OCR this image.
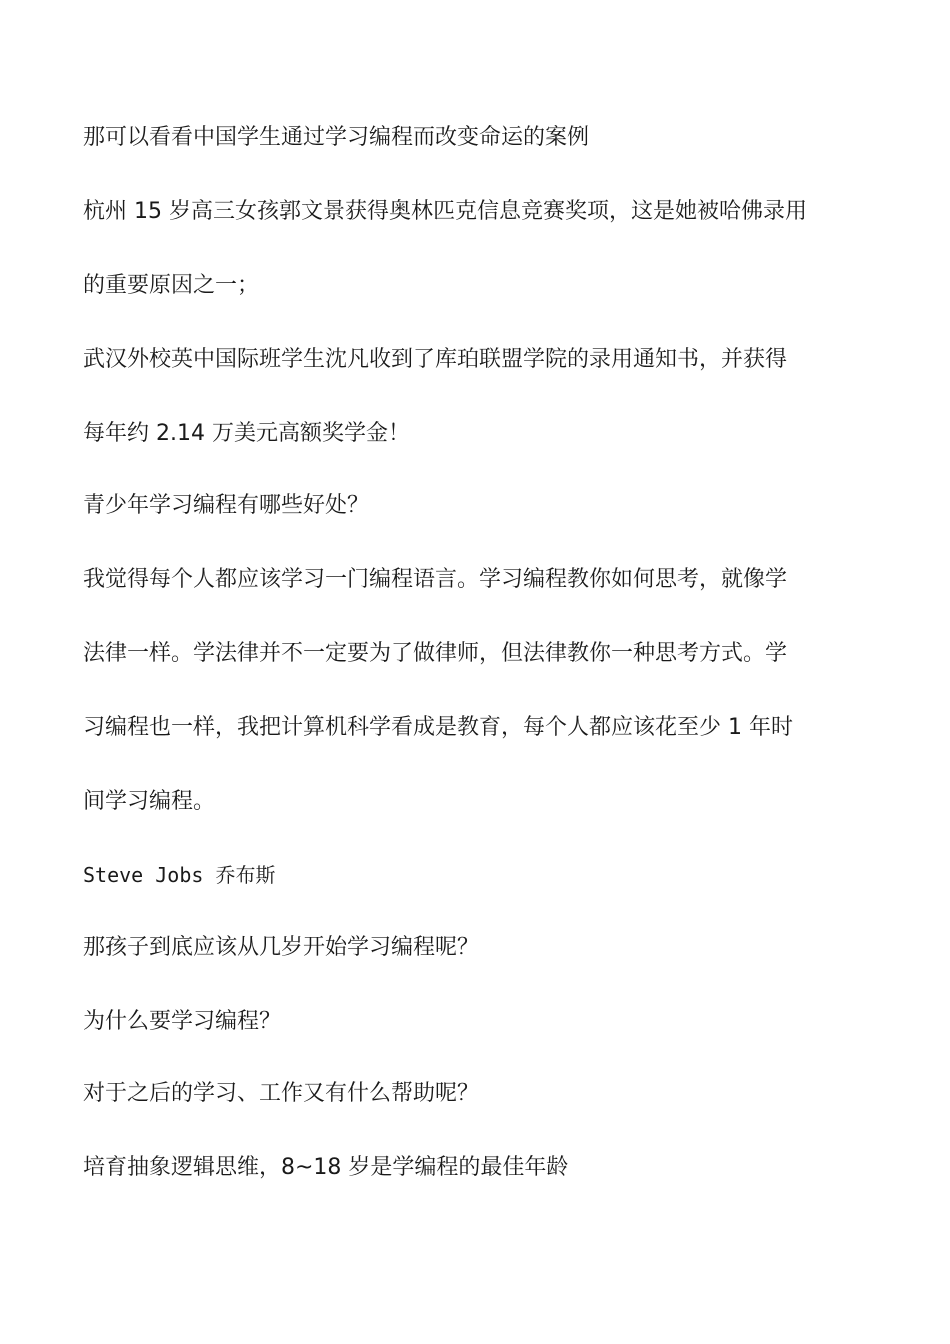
那可以看看中国学生通过学习编程而改变命运的案例

杭州 15 岁高三女孩郭文景获得奥林匹克信息竞赛奖项，这是她被哈佛录用

的重要原因之一；

武汉外校英中国际班学生沈凡收到了库珀联盟学院的录用通知书，并获得

每年约 2.14 万美元高额奖学金！

青少年学习编程有哪些好处？

我觉得每个人都应该学习一门编程语言。学习编程教你如何思考，就像学

法律一样。学法律并不一定要为了做律师，但法律教你一种思考方式。学

习编程也一样，我把计算机科学看成是教育，每个人都应该花至少 1 年时

间学习编程。

Steve Jobs 乔布斯

那孩子到底应该从几岁开始学习编程呢？

为什么要学习编程？

对于之后的学习、工作又有什么帮助呢？

培育抽象逻辑思维，8~18 岁是学编程的最佳年龄
